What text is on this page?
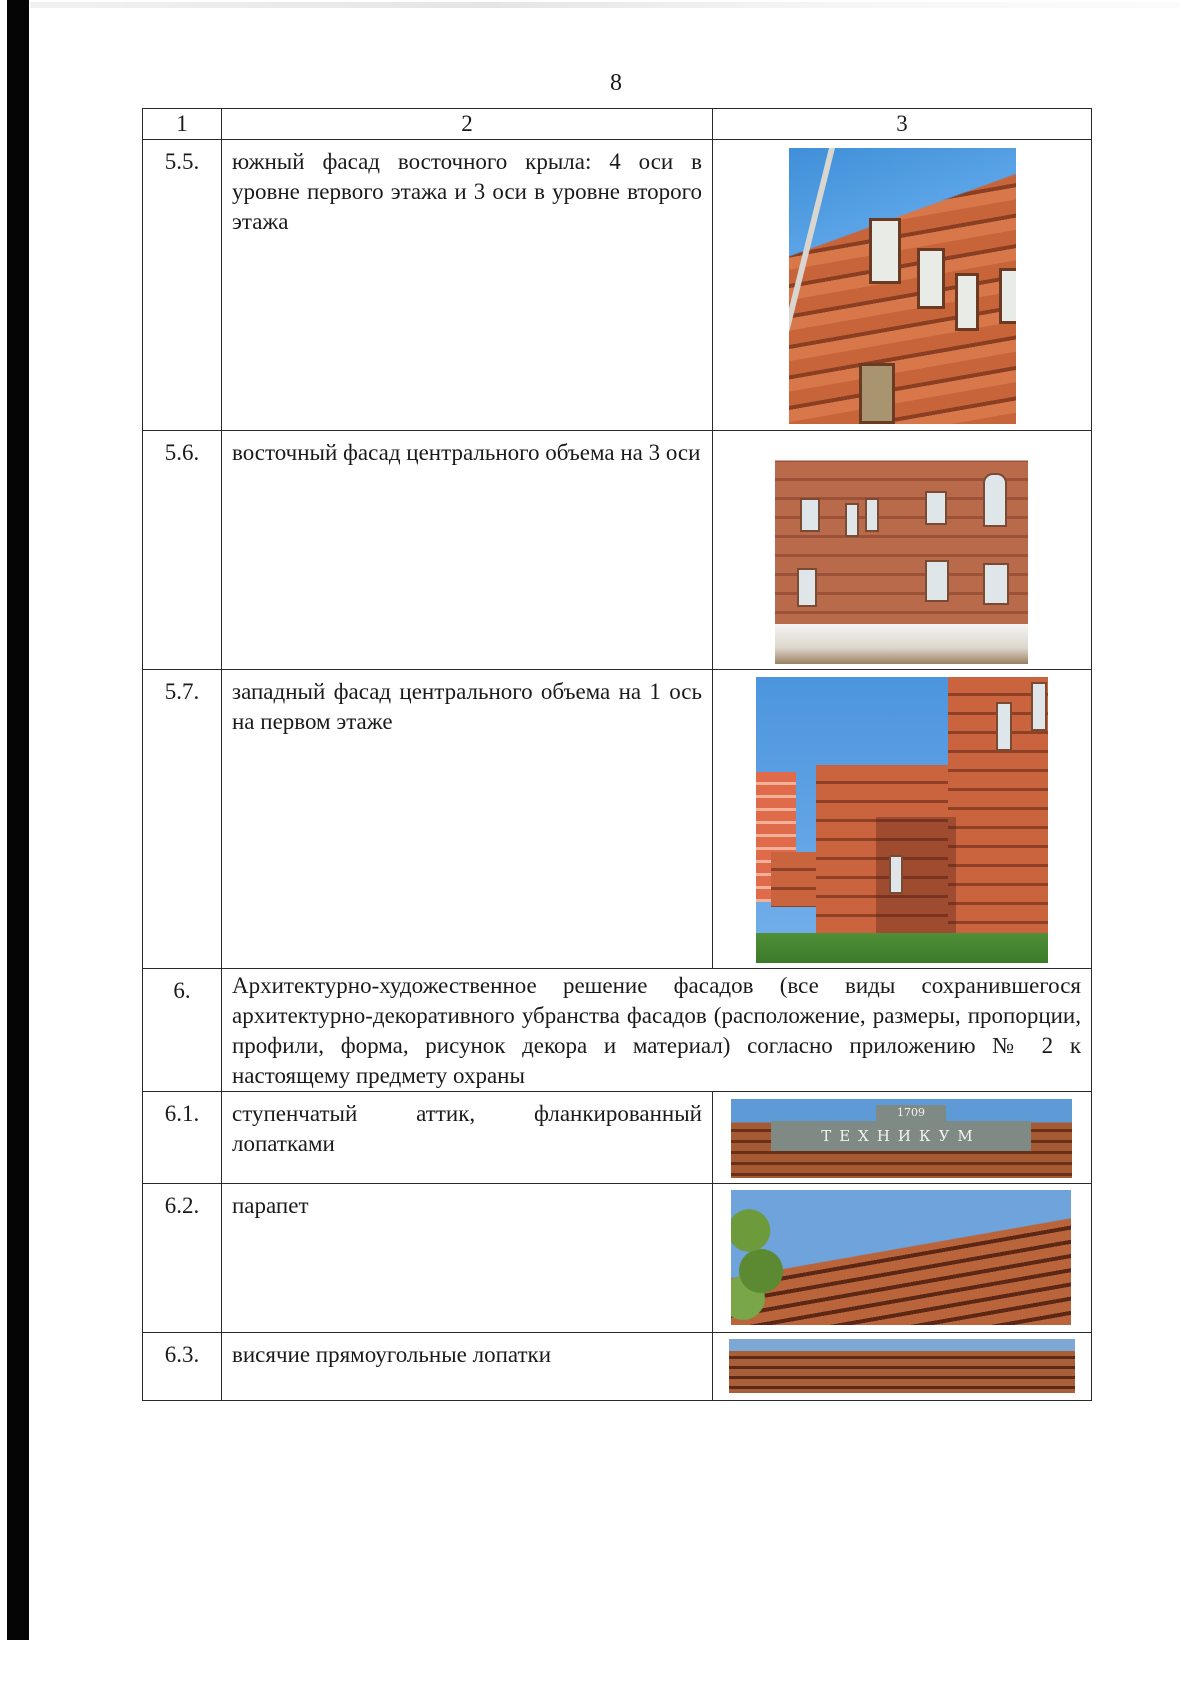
8
1	2	3
5.5.	южный фасад восточного крыла: 4 оси в уровне первого этажа и 3 оси в уровне второго этажа	

5.6.	восточный фасад центрального объема на 3 оси	

5.7.	западный фасад центрального объема на 1 ось на первом этаже	

6.	Архитектурно-художественное решение фасадов (все виды сохранившегося архитектурно-декоративного убранства фасадов (расположение, размеры, пропорции, профили, форма, рисунок декора и материал) согласно приложению № 2 к настоящему предмету охраны	
6.1.	ступенчатый аттик, фланкированный лопатками	1709
ТЕХНИКУМ

6.2.	парапет	

6.3.	висячие прямоугольные лопатки	
